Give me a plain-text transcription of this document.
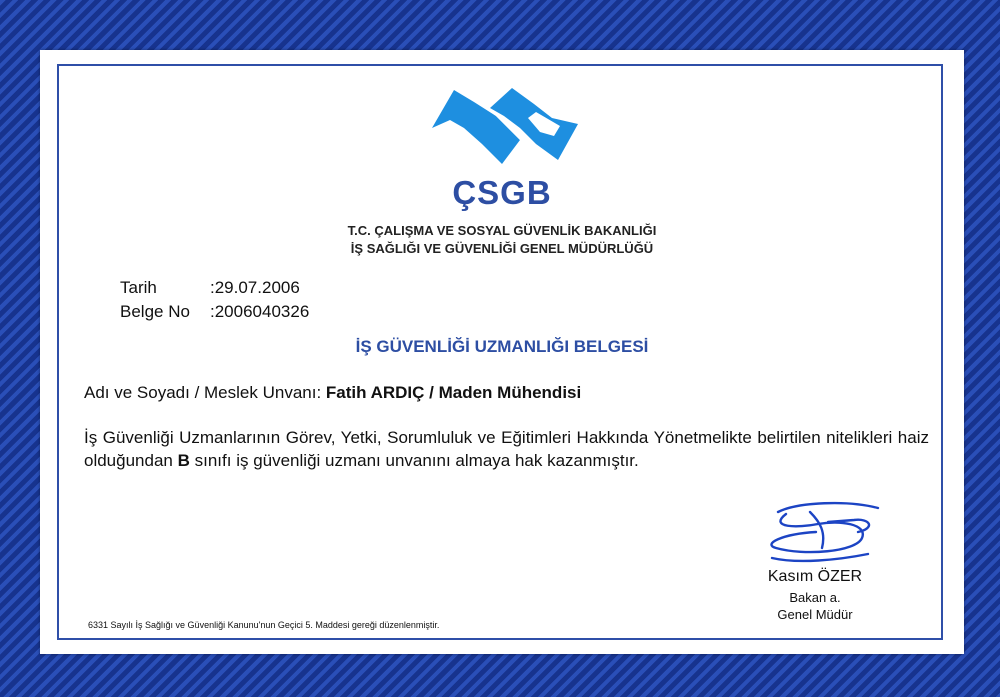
ÇSGB
T.C. ÇALIŞMA VE SOSYAL GÜVENLİK BAKANLIĞI
İŞ SAĞLIĞI VE GÜVENLİĞİ GENEL MÜDÜRLÜĞÜ
Tarih	:29.07.2006
Belge No :2006040326
İŞ GÜVENLİĞİ UZMANLIĞI BELGESİ
Adı ve Soyadı / Meslek Unvanı: Fatih ARDIÇ / Maden Mühendisi
İş Güvenliği Uzmanlarının Görev, Yetki, Sorumluluk ve Eğitimleri Hakkında Yönetmelikte belirtilen nitelikleri haiz olduğundan B sınıfı iş güvenliği uzmanı unvanını almaya hak kazanmıştır.
Kasım ÖZER
Bakan a.
Genel Müdür
6331 Sayılı İş Sağlığı ve Güvenliği Kanunu'nun Geçici 5. Maddesi gereği düzenlenmiştir.
